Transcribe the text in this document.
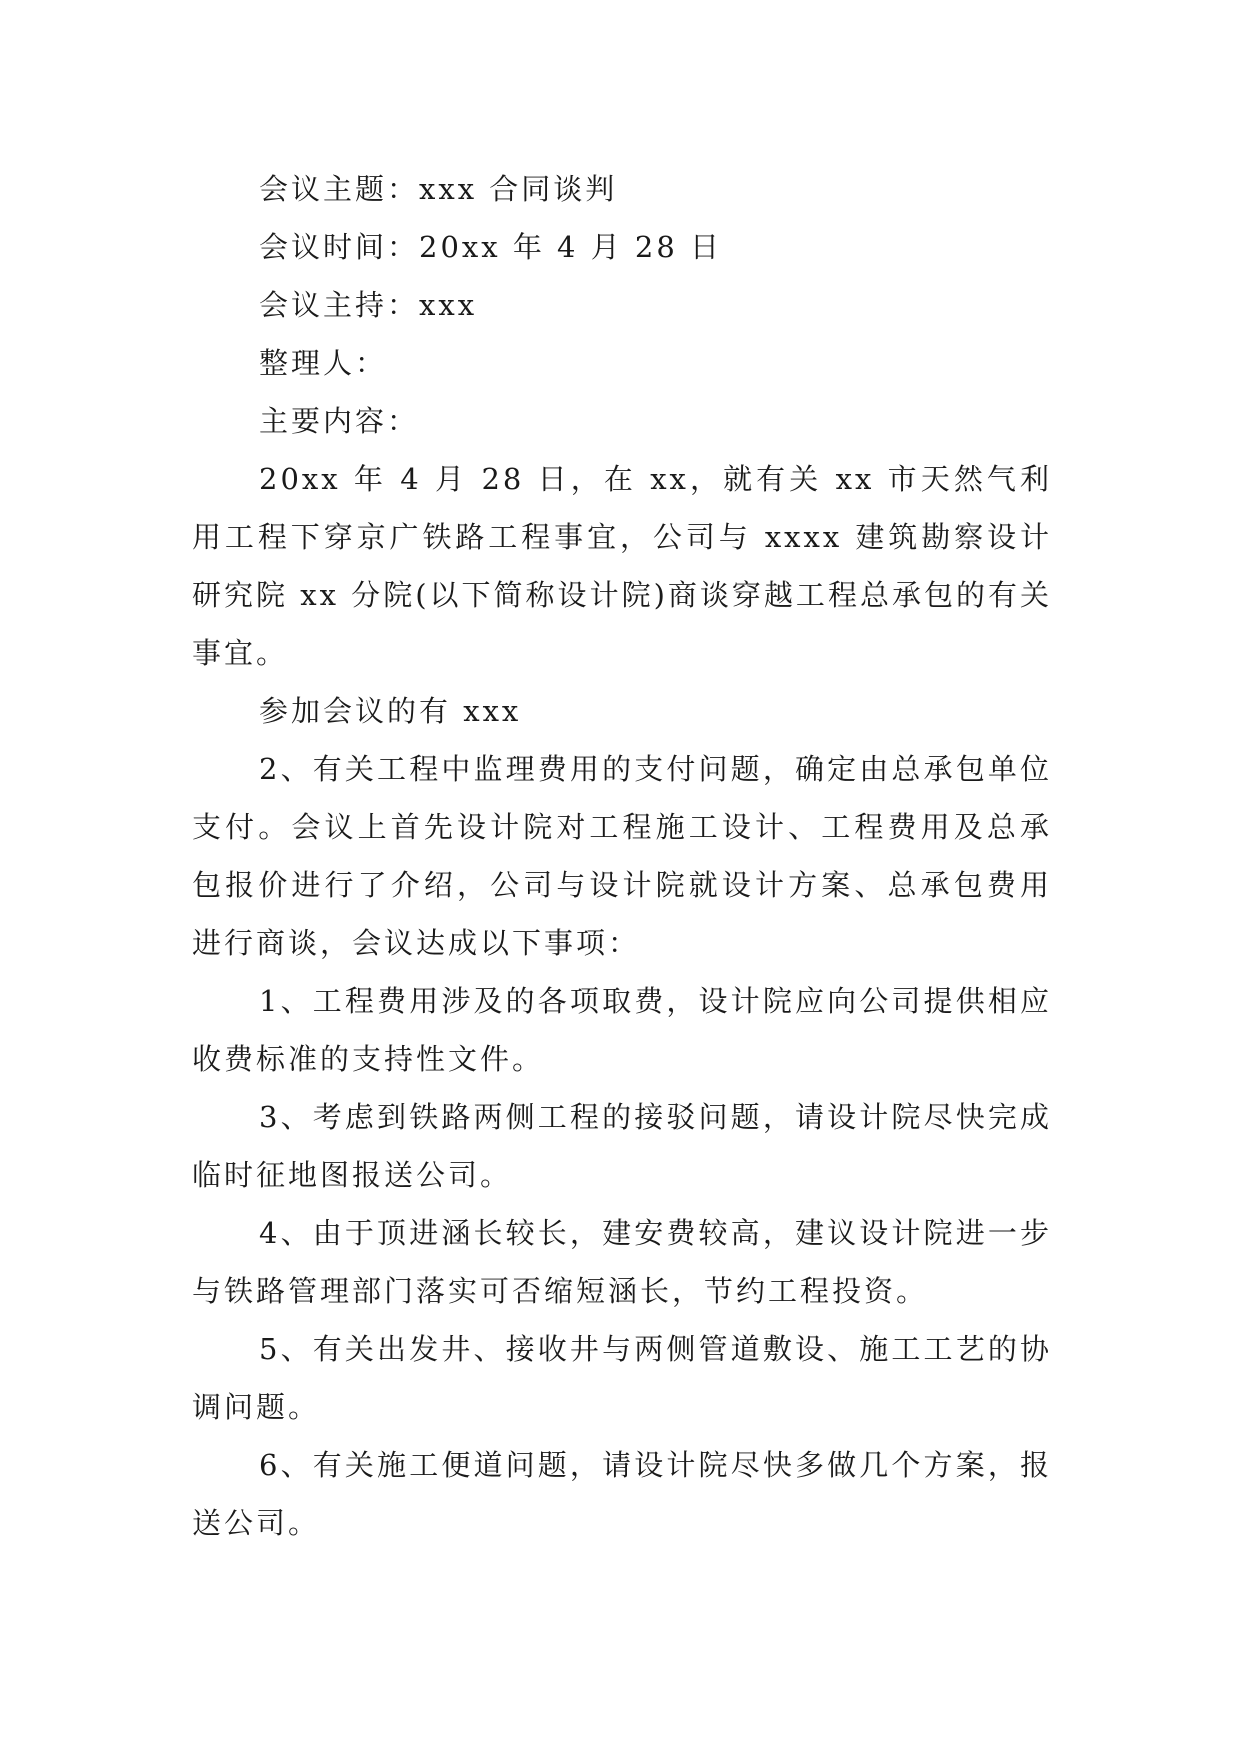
会议主题：xxx 合同谈判

会议时间：20xx 年 4 月 28 日

会议主持：xxx

整理人：

主要内容：

20xx 年 4 月 28 日，在 xx，就有关 xx 市天然气利用工程下穿京广铁路工程事宜，公司与 xxxx 建筑勘察设计研究院 xx 分院(以下简称设计院)商谈穿越工程总承包的有关事宜。

参加会议的有 xxx

2、有关工程中监理费用的支付问题，确定由总承包单位支付。会议上首先设计院对工程施工设计、工程费用及总承包报价进行了介绍，公司与设计院就设计方案、总承包费用进行商谈，会议达成以下事项：

1、工程费用涉及的各项取费，设计院应向公司提供相应收费标准的支持性文件。

3、考虑到铁路两侧工程的接驳问题，请设计院尽快完成临时征地图报送公司。

4、由于顶进涵长较长，建安费较高，建议设计院进一步与铁路管理部门落实可否缩短涵长，节约工程投资。

5、有关出发井、接收井与两侧管道敷设、施工工艺的协调问题。

6、有关施工便道问题，请设计院尽快多做几个方案，报送公司。
